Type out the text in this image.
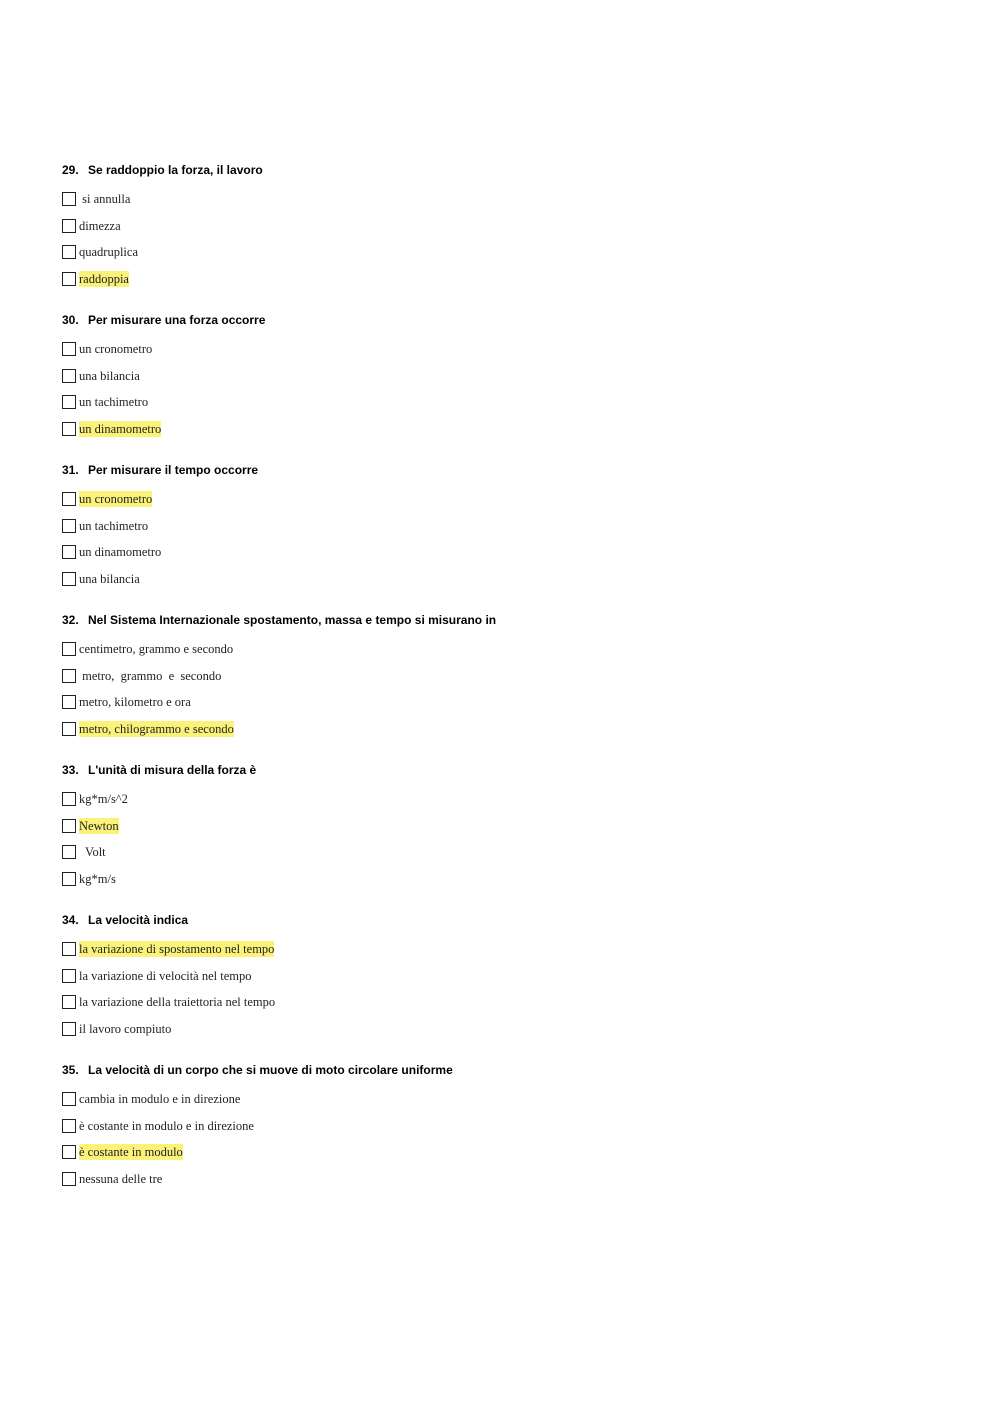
29. Se raddoppio la forza, il lavoro
si annulla
dimezza
quadruplica
raddoppia
30. Per misurare una forza occorre
un cronometro
una bilancia
un tachimetro
un dinamometro
31. Per misurare il tempo occorre
un cronometro
un tachimetro
un dinamometro
una bilancia
32. Nel Sistema Internazionale spostamento, massa e tempo si misurano in
centimetro, grammo e secondo
metro,  grammo  e  secondo
metro, kilometro e ora
metro, chilogrammo e secondo
33. L'unità di misura della forza è
kg*m/s^2
Newton
Volt
kg*m/s
34. La velocità indica
la variazione di spostamento nel tempo
la variazione di velocità nel tempo
la variazione della traiettoria nel tempo
il lavoro compiuto
35. La velocità di un corpo che si muove di moto circolare uniforme
cambia in modulo e in direzione
è costante in modulo e in direzione
è costante in modulo
nessuna delle tre
